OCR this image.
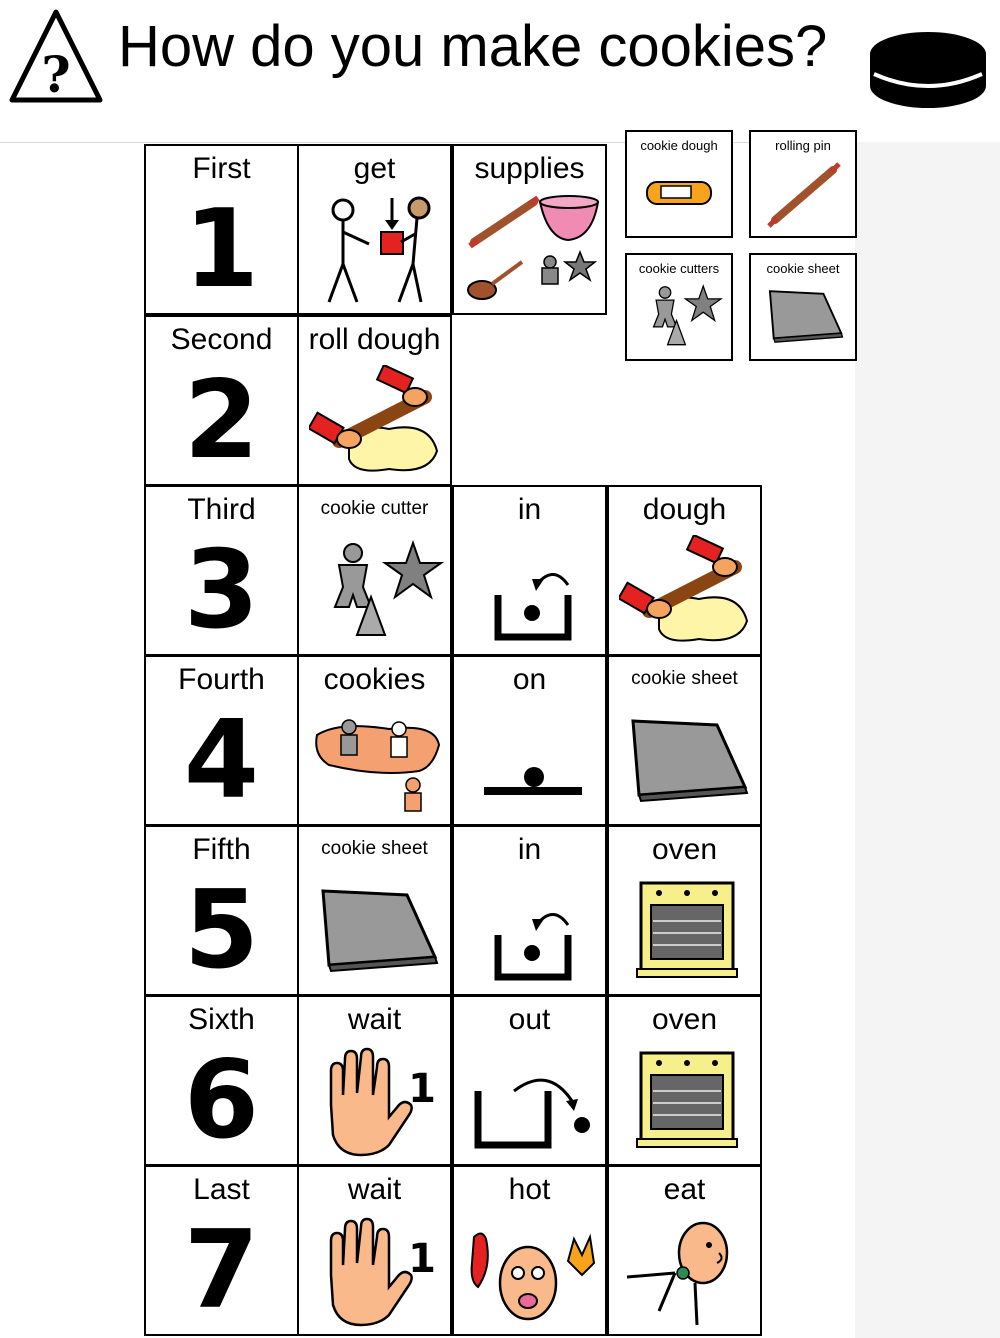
? How do you make cookies?
First
1
get	supplies
Second
2
roll dough
Third
3
cookie cutter	in	dough
Fourth
4
cookies	on	cookie sheet
Fifth
5
cookie sheet	in	oven
Sixth
6
wait
1
out	oven
Last
7
wait
1
hot	eat
cookie dough	rolling pin
cookie cutters	cookie sheet
